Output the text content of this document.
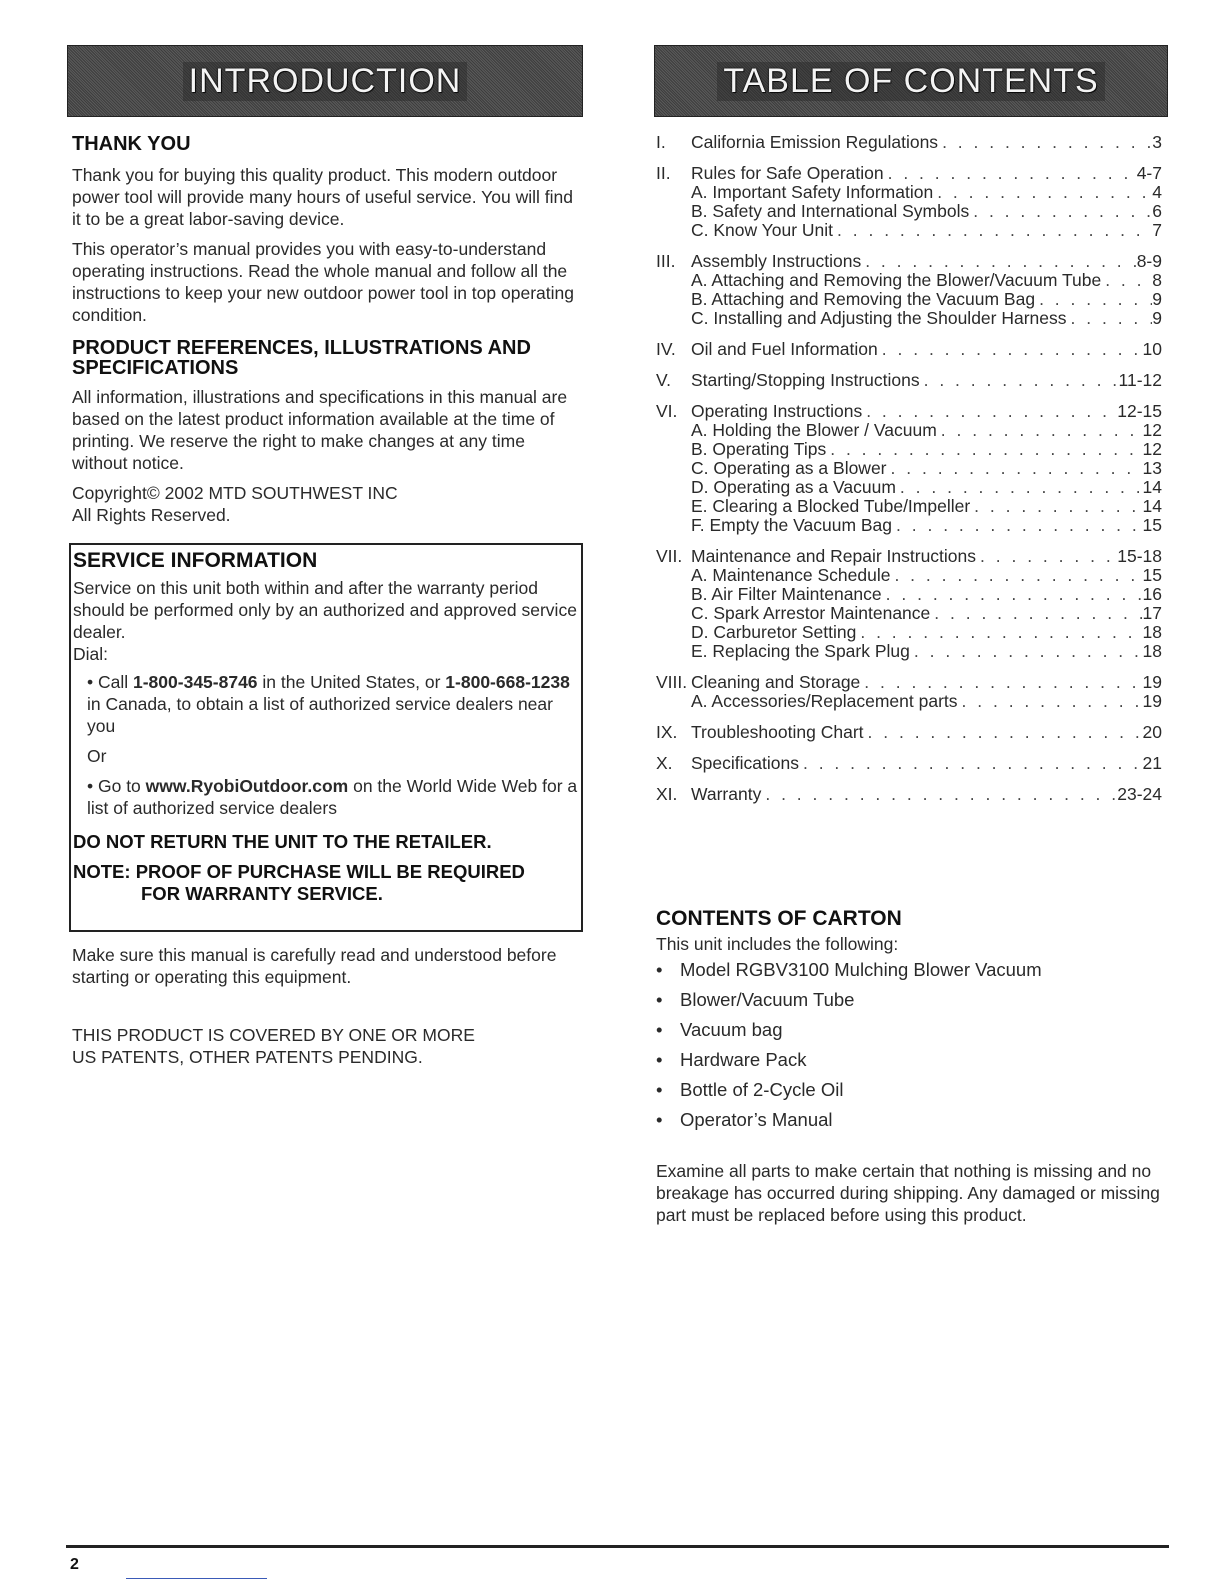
INTRODUCTION	TABLE OF CONTENTS
THANK YOU

Thank you for buying this quality product. This modern outdoor power tool will provide many hours of useful service. You will find it to be a great labor-saving device.

This operator’s manual provides you with easy-to-understand operating instructions. Read the whole manual and follow all the instructions to keep your new outdoor power tool in top operating condition.

PRODUCT REFERENCES, ILLUSTRATIONS AND SPECIFICATIONS

All information, illustrations and specifications in this manual are based on the latest product information available at the time of printing. We reserve the right to make changes at any time without notice.

Copyright© 2002 MTD SOUTHWEST INC

All Rights Reserved.

SERVICE INFORMATION

Service on this unit both within and after the warranty period should be performed only by an authorized and approved service dealer.

Dial:

• Call 1-800-345-8746 in the United States, or 1-800-668-1238 in Canada, to obtain a list of authorized service dealers near you

Or

• Go to www.RyobiOutdoor.com on the World Wide Web for a list of authorized service dealers

DO NOT RETURN THE UNIT TO THE RETAILER.

NOTE: PROOF OF PURCHASE WILL BE REQUIRED

FOR WARRANTY SERVICE.

Make sure this manual is carefully read and understood before starting or operating this equipment.

THIS PRODUCT IS COVERED BY ONE OR MORE

US PATENTS, OTHER PATENTS PENDING.

I.	California Emission Regulations . . .	3
II.	Rules for Safe Operation . . .	4-7
A. Important Safety Information . . .	4
B. Safety and International Symbols . . .	6
C. Know Your Unit . . .	7
III. Assembly Instructions . . .	8-9
A. Attaching and Removing the Blower/Vacuum Tube . . .	8
B. Attaching and Removing the Vacuum Bag . . .	9
C. Installing and Adjusting the Shoulder Harness . . .	9
IV. Oil and Fuel Information . . .	10
V.	Starting/Stopping Instructions . . .	11-12
VI. Operating Instructions . . .	12-15
A. Holding the Blower / Vacuum . . .	12
B. Operating Tips . . .	12
C. Operating as a Blower . . .	13
D. Operating as a Vacuum . . .	14
E. Clearing a Blocked Tube/Impeller . . .	14
F. Empty the Vacuum Bag . . .	15
VII. Maintenance and Repair Instructions . . .	15-18
A. Maintenance Schedule . . .	15
B. Air Filter Maintenance . . .	16
C. Spark Arrestor Maintenance . . .	17
D. Carburetor Setting . . .	18
E. Replacing the Spark Plug . . .	18
VIII. Cleaning and Storage . . .	19
A. Accessories/Replacement parts . . .	19
IX. Troubleshooting Chart . . .	20
X.	Specifications . . .	21
XI. Warranty . . .	23-24
CONTENTS OF CARTON

This unit includes the following:

• Model RGBV3100 Mulching Blower Vacuum
• Blower/Vacuum Tube
• Vacuum bag
• Hardware Pack
• Bottle of 2-Cycle Oil
• Operator’s Manual

Examine all parts to make certain that nothing is missing and no breakage has occurred during shipping. Any damaged or missing part must be replaced before using this product.

2
